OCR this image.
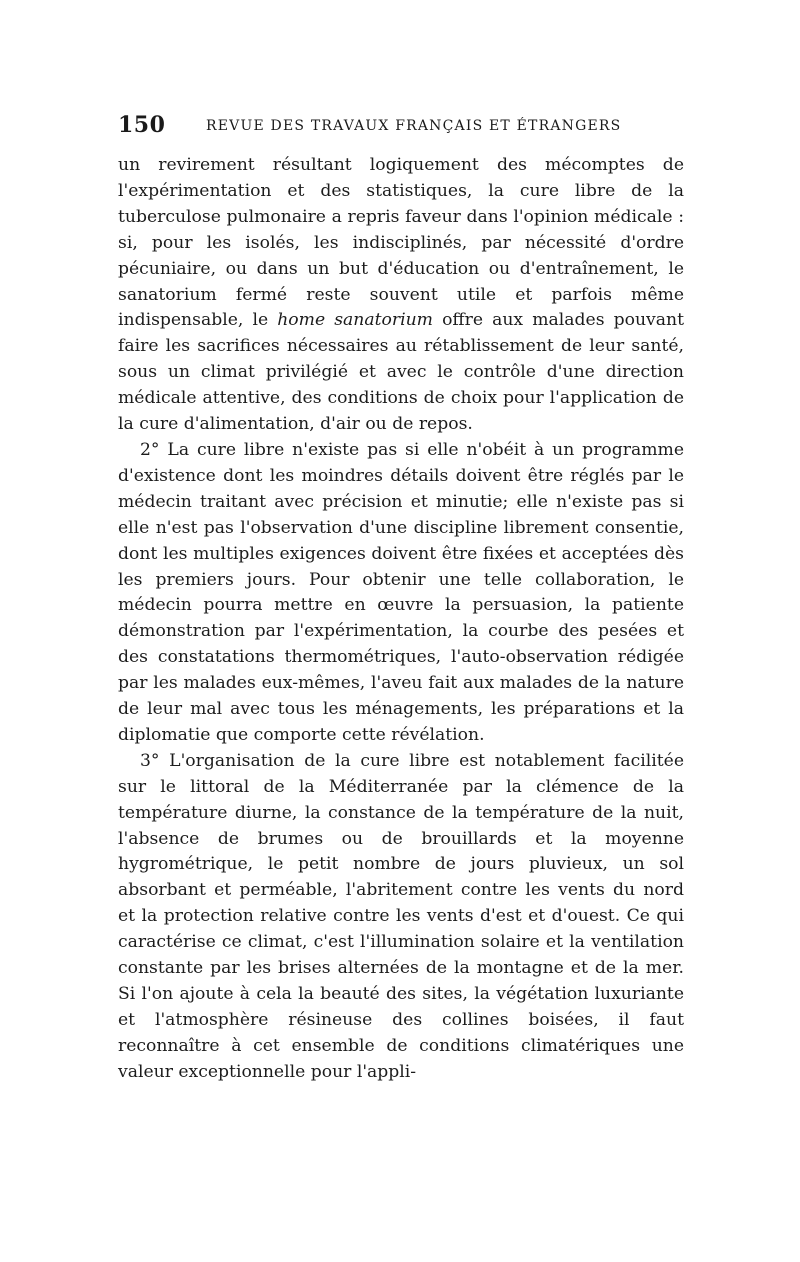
150	REVUE DES TRAVAUX FRANÇAIS ET ÉTRANGERS

un revirement résultant logiquement des mécomptes de l'expérimentation et des statistiques, la cure libre de la tuberculose pulmonaire a repris faveur dans l'opinion médicale : si, pour les isolés, les indisciplinés, par nécessité d'ordre pécuniaire, ou dans un but d'éducation ou d'entraînement, le sanatorium fermé reste souvent utile et parfois même indispensable, le home sanatorium offre aux malades pouvant faire les sacrifices nécessaires au rétablissement de leur santé, sous un climat privilégié et avec le contrôle d'une direction médicale attentive, des conditions de choix pour l'application de la cure d'alimentation, d'air ou de repos.

2° La cure libre n'existe pas si elle n'obéit à un programme d'existence dont les moindres détails doivent être réglés par le médecin traitant avec précision et minutie; elle n'existe pas si elle n'est pas l'observation d'une discipline librement consentie, dont les multiples exigences doivent être fixées et acceptées dès les premiers jours. Pour obtenir une telle collaboration, le médecin pourra mettre en œuvre la persuasion, la patiente démonstration par l'expérimentation, la courbe des pesées et des constatations thermométriques, l'auto-observation rédigée par les malades eux-mêmes, l'aveu fait aux malades de la nature de leur mal avec tous les ménagements, les préparations et la diplomatie que comporte cette révélation.

3° L'organisation de la cure libre est notablement facilitée sur le littoral de la Méditerranée par la clémence de la température diurne, la constance de la température de la nuit, l'absence de brumes ou de brouillards et la moyenne hygrométrique, le petit nombre de jours pluvieux, un sol absorbant et perméable, l'abritement contre les vents du nord et la protection relative contre les vents d'est et d'ouest. Ce qui caractérise ce climat, c'est l'illumination solaire et la ventilation constante par les brises alternées de la montagne et de la mer. Si l'on ajoute à cela la beauté des sites, la végétation luxuriante et l'atmosphère résineuse des collines boisées, il faut reconnaître à cet ensemble de conditions climatériques une valeur exceptionnelle pour l'appli-
